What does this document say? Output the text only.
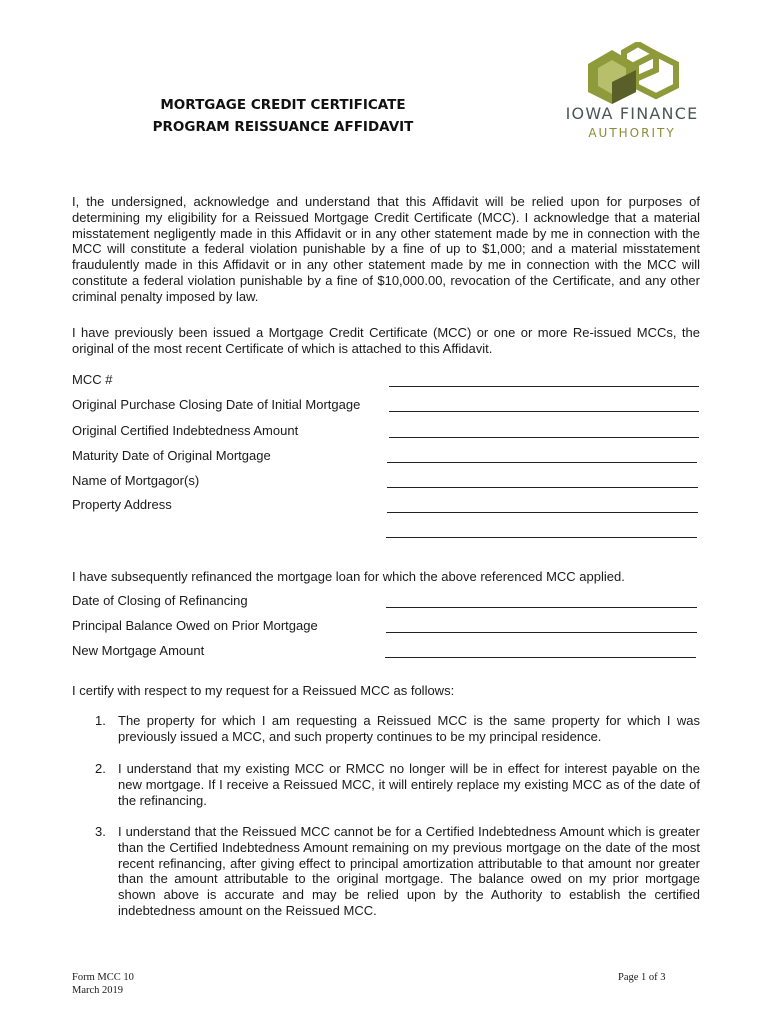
IOWA FINANCE
AUTHORITY
MORTGAGE CREDIT CERTIFICATE
PROGRAM REISSUANCE AFFIDAVIT

I, the undersigned, acknowledge and understand that this Affidavit will be relied upon for purposes of determining my eligibility for a Reissued Mortgage Credit Certificate (MCC). I acknowledge that a material misstatement negligently made in this Affidavit or in any other statement made by me in connection with the MCC will constitute a federal violation punishable by a fine of up to $1,000; and a material misstatement fraudulently made in this Affidavit or in any other statement made by me in connection with the MCC will constitute a federal violation punishable by a fine of $10,000.00, revocation of the Certificate, and any other criminal penalty imposed by law.

I have previously been issued a Mortgage Credit Certificate (MCC) or one or more Re-issued MCCs, the original of the most recent Certificate of which is attached to this Affidavit.

MCC #
Original Purchase Closing Date of Initial Mortgage
Original Certified Indebtedness Amount
Maturity Date of Original Mortgage
Name of Mortgagor(s)
Property Address

I have subsequently refinanced the mortgage loan for which the above referenced MCC applied.

Date of Closing of Refinancing
Principal Balance Owed on Prior Mortgage
New Mortgage Amount

I certify with respect to my request for a Reissued MCC as follows:

1. The property for which I am requesting a Reissued MCC is the same property for which I was previously issued a MCC, and such property continues to be my principal residence.

2. I understand that my existing MCC or RMCC no longer will be in effect for interest payable on the new mortgage. If I receive a Reissued MCC, it will entirely replace my existing MCC as of the date of the refinancing.

3. I understand that the Reissued MCC cannot be for a Certified Indebtedness Amount which is greater than the Certified Indebtedness Amount remaining on my previous mortgage on the date of the most recent refinancing, after giving effect to principal amortization attributable to that amount nor greater than the amount attributable to the original mortgage. The balance owed on my prior mortgage shown above is accurate and may be relied upon by the Authority to establish the certified indebtedness amount on the Reissued MCC.

Form MCC 10
March 2019
Page 1 of 3
